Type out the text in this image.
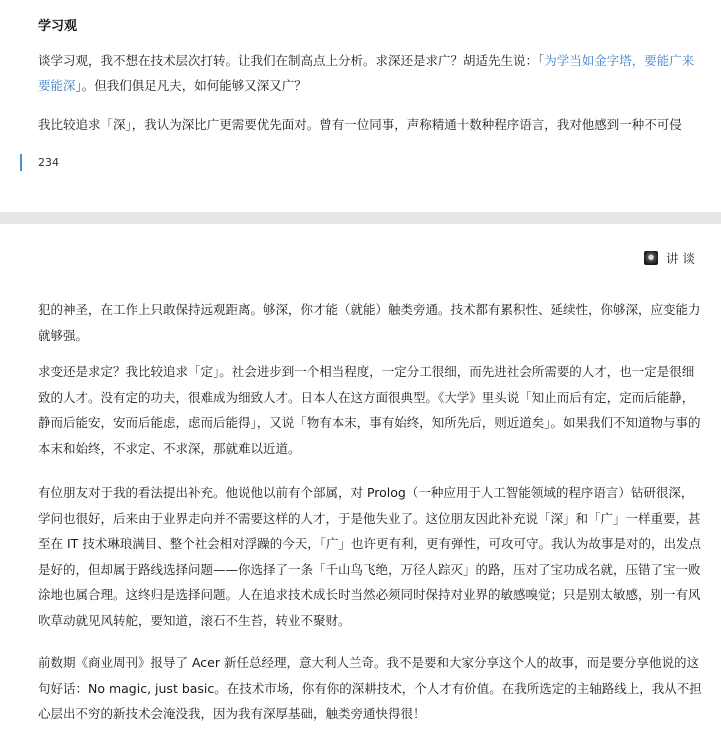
学习观
谈学习观，我不想在技术层次打转。让我们在制高点上分析。求深还是求广？胡适先生说：「为学当如金字塔，要能广来要能深」。但我们俱足凡夫，如何能够又深又广？
我比较追求「深」，我认为深比广更需要优先面对。曾有一位同事，声称精通十数种程序语言，我对他感到一种不可侵
234
讲 谈
犯的神圣，在工作上只敢保持远观距离。够深，你才能（就能）触类旁通。技术都有累积性、延续性，你够深，应变能力就够强。
求变还是求定？我比较追求「定」。社会进步到一个相当程度，一定分工很细，而先进社会所需要的人才，也一定是很细致的人才。没有定的功夫，很难成为细致人才。日本人在这方面很典型。《大学》里头说「知止而后有定，定而后能静，静而后能安，安而后能虑，虑而后能得」，又说「物有本末，事有始终，知所先后，则近道矣」。如果我们不知道物与事的本末和始终，不求定、不求深，那就难以近道。
有位朋友对于我的看法提出补充。他说他以前有个部属，对 Prolog（一种应用于人工智能领域的程序语言）钻研很深，学问也很好，后来由于业界走向并不需要这样的人才，于是他失业了。这位朋友因此补充说「深」和「广」一样重要，甚至在 IT 技术琳琅满目、整个社会相对浮躁的今天，「广」也许更有利，更有弹性，可攻可守。我认为故事是对的，出发点是好的，但却属于路线选择问题——你选择了一条「千山鸟飞绝，万径人踪灭」的路，压对了宝功成名就，压错了宝一败涂地也属合理。这终归是选择问题。人在追求技术成长时当然必须同时保持对业界的敏感嗅觉；只是别太敏感，别一有风吹草动就见风转舵，要知道，滚石不生苔，转业不聚财。
前数期《商业周刊》报导了 Acer 新任总经理，意大利人兰奇。我不是要和大家分享这个人的故事，而是要分享他说的这句好话：No magic, just basic。在技术市场，你有你的深耕技术，个人才有价值。在我所选定的主轴路线上，我从不担心层出不穷的新技术会淹没我，因为我有深厚基础，触类旁通快得很！
